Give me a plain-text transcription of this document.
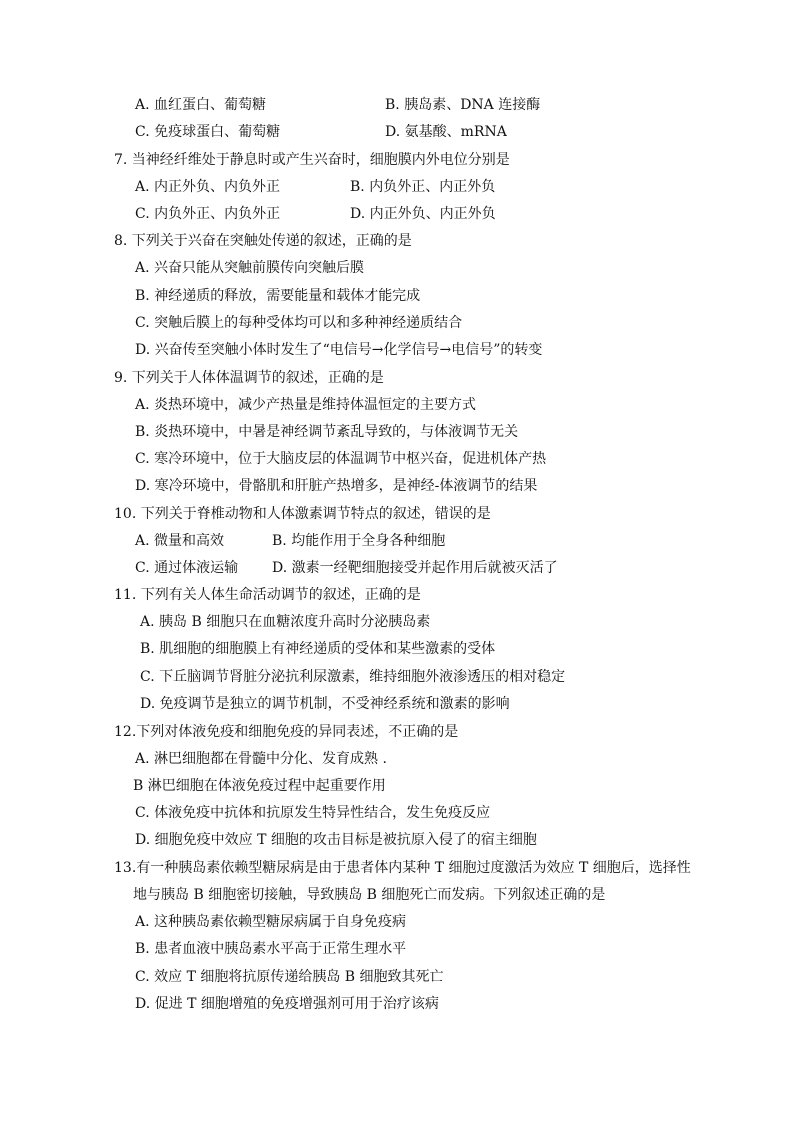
A. 血红蛋白、葡萄糖	B. 胰岛素、DNA 连接酶
C. 免疫球蛋白、葡萄糖	D. 氨基酸、mRNA
7. 当神经纤维处于静息时或产生兴奋时，细胞膜内外电位分别是
A. 内正外负、内负外正	B. 内负外正、内正外负
C. 内负外正、内负外正	D. 内正外负、内正外负
8. 下列关于兴奋在突触处传递的叙述，正确的是
A. 兴奋只能从突触前膜传向突触后膜
B. 神经递质的释放，需要能量和载体才能完成
C. 突触后膜上的每种受体均可以和多种神经递质结合
D. 兴奋传至突触小体时发生了“电信号→化学信号→电信号”的转变
9. 下列关于人体体温调节的叙述，正确的是
A. 炎热环境中，减少产热量是维持体温恒定的主要方式
B. 炎热环境中，中暑是神经调节紊乱导致的，与体液调节无关
C. 寒冷环境中，位于大脑皮层的体温调节中枢兴奋，促进机体产热
D. 寒冷环境中，骨骼肌和肝脏产热增多，是神经-体液调节的结果
10. 下列关于脊椎动物和人体激素调节特点的叙述，错误的是
A. 微量和高效	B. 均能作用于全身各种细胞
C. 通过体液运输 D. 激素一经靶细胞接受并起作用后就被灭活了
11. 下列有关人体生命活动调节的叙述，正确的是
A. 胰岛 B 细胞只在血糖浓度升高时分泌胰岛素
B. 肌细胞的细胞膜上有神经递质的受体和某些激素的受体
C. 下丘脑调节肾脏分泌抗利尿激素，维持细胞外液渗透压的相对稳定
D. 免疫调节是独立的调节机制，不受神经系统和激素的影响
12.下列对体液免疫和细胞免疫的异同表述，不正确的是
A. 淋巴细胞都在骨髓中分化、发育成熟 .
B 淋巴细胞在体液免疫过程中起重要作用
C. 体液免疫中抗体和抗原发生特异性结合，发生免疫反应
D. 细胞免疫中效应 T 细胞的攻击目标是被抗原入侵了的宿主细胞
13.有一种胰岛素依赖型糖尿病是由于患者体内某种 T 细胞过度激活为效应 T 细胞后，选择性
地与胰岛 B 细胞密切接触，导致胰岛 B 细胞死亡而发病。下列叙述正确的是
A. 这种胰岛素依赖型糖尿病属于自身免疫病
B. 患者血液中胰岛素水平高于正常生理水平
C. 效应 T 细胞将抗原传递给胰岛 B 细胞致其死亡
D. 促进 T 细胞增殖的免疫增强剂可用于治疗该病
